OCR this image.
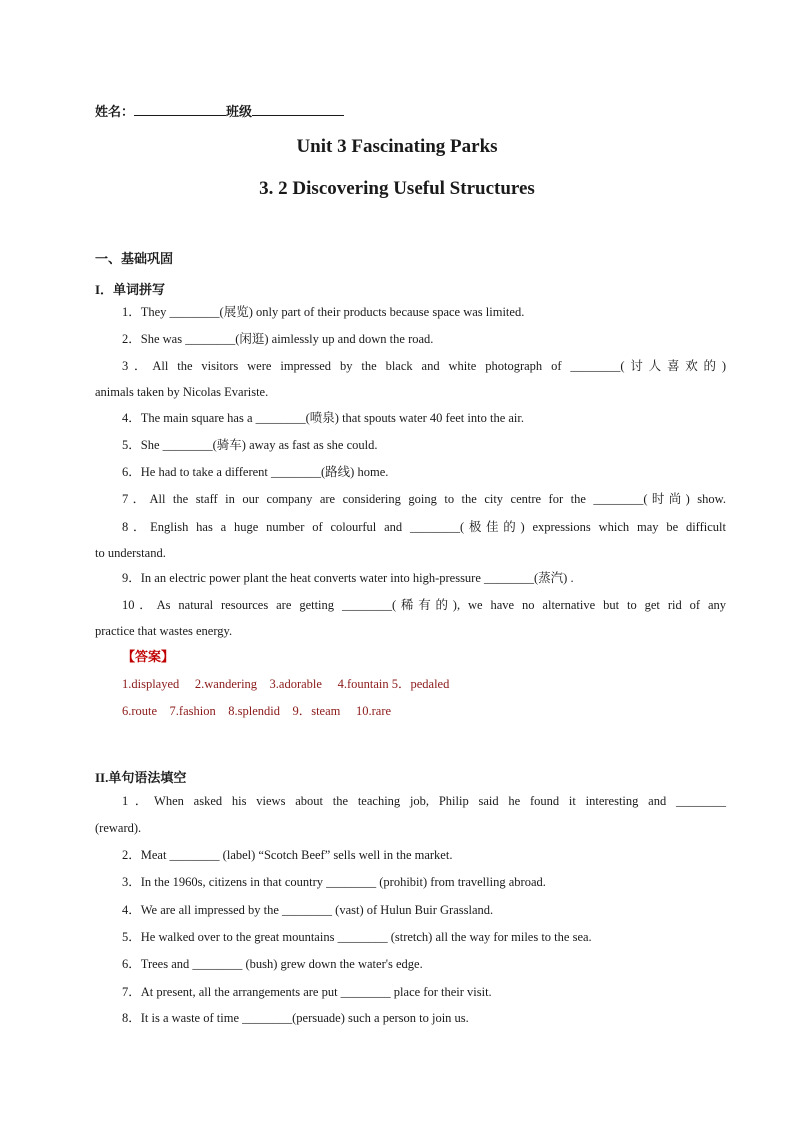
姓名：	班级
Unit 3 Fascinating Parks
3. 2 Discovering Useful Structures
一、基础巩固
I．单词拼写
1．They ________(展览) only part of their products because space was limited.
2．She was ________(闲逛) aimlessly up and down the road.
3．All the visitors were impressed by the black and white photograph of ________(讨人喜欢的)
animals taken by Nicolas Evariste.
4．The main square has a ________(喷泉) that spouts water 40 feet into the air.
5．She ________(骑车) away as fast as she could.
6．He had to take a different ________(路线) home.
7．All the staff in our company are considering going to the city centre for the ________(时尚) show.
8．English has a huge number of colourful and ________(极佳的) expressions which may be difficult
to understand.
9．In an electric power plant the heat converts water into high-pressure ________(蒸汽) .
10．As natural resources are getting ________(稀有的), we have no alternative but to get rid of any
practice that wastes energy.
【答案】
1.displayed     2.wandering    3.adorable     4.fountain 5．pedaled
6.route    7.fashion    8.splendid    9．steam     10.rare
II.单句语法填空
1．When asked his views about the teaching job, Philip said he found it interesting and ________
(reward).
2．Meat ________ (label) “Scotch Beef” sells well in the market.
3．In the 1960s, citizens in that country ________ (prohibit) from travelling abroad.
4．We are all impressed by the ________ (vast) of Hulun Buir Grassland.
5．He walked over to the great mountains ________ (stretch) all the way for miles to the sea.
6．Trees and ________ (bush) grew down the water's edge.
7．At present, all the arrangements are put ________ place for their visit.
8．It is a waste of time ________(persuade) such a person to join us.
